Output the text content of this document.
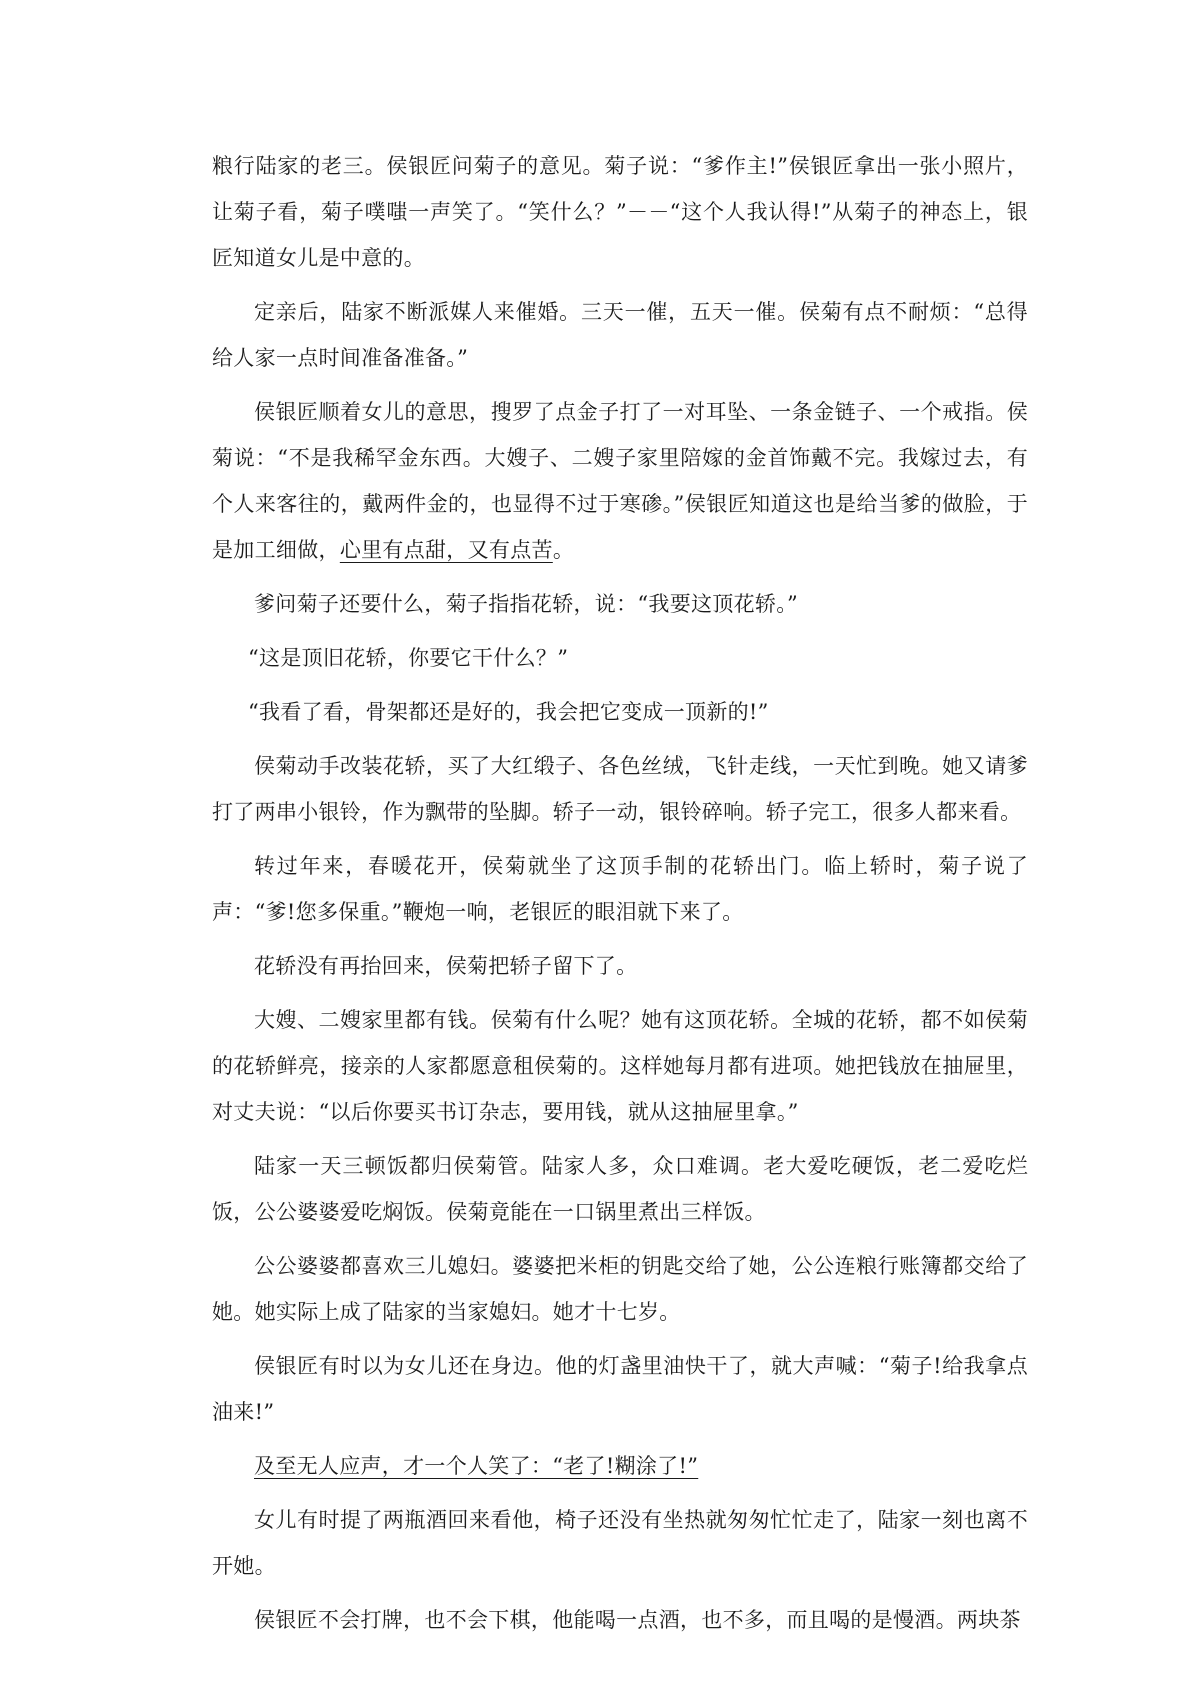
粮行陆家的老三。侯银匠问菊子的意见。菊子说：“爹作主!”侯银匠拿出一张小照片，让菊子看，菊子噗嗤一声笑了。“笑什么？”－－“这个人我认得!”从菊子的神态上，银匠知道女儿是中意的。

定亲后，陆家不断派媒人来催婚。三天一催，五天一催。侯菊有点不耐烦：“总得给人家一点时间准备准备。”

侯银匠顺着女儿的意思，搜罗了点金子打了一对耳坠、一条金链子、一个戒指。侯菊说：“不是我稀罕金东西。大嫂子、二嫂子家里陪嫁的金首饰戴不完。我嫁过去，有个人来客往的，戴两件金的，也显得不过于寒碜。”侯银匠知道这也是给当爹的做脸，于是加工细做，心里有点甜，又有点苦。

爹问菊子还要什么，菊子指指花轿，说：“我要这顶花轿。”

“这是顶旧花轿，你要它干什么？”

“我看了看，骨架都还是好的，我会把它变成一顶新的!”

侯菊动手改装花轿，买了大红缎子、各色丝绒，飞针走线，一天忙到晚。她又请爹打了两串小银铃，作为飘带的坠脚。轿子一动，银铃碎响。轿子完工，很多人都来看。

转过年来，春暖花开，侯菊就坐了这顶手制的花轿出门。临上轿时，菊子说了声：“爹!您多保重。”鞭炮一响，老银匠的眼泪就下来了。

花轿没有再抬回来，侯菊把轿子留下了。

大嫂、二嫂家里都有钱。侯菊有什么呢？她有这顶花轿。全城的花轿，都不如侯菊的花轿鲜亮，接亲的人家都愿意租侯菊的。这样她每月都有进项。她把钱放在抽屉里，对丈夫说：“以后你要买书订杂志，要用钱，就从这抽屉里拿。”

陆家一天三顿饭都归侯菊管。陆家人多，众口难调。老大爱吃硬饭，老二爱吃烂饭，公公婆婆爱吃焖饭。侯菊竟能在一口锅里煮出三样饭。

公公婆婆都喜欢三儿媳妇。婆婆把米柜的钥匙交给了她，公公连粮行账簿都交给了她。她实际上成了陆家的当家媳妇。她才十七岁。

侯银匠有时以为女儿还在身边。他的灯盏里油快干了，就大声喊：“菊子!给我拿点油来!”

及至无人应声，才一个人笑了：“老了!糊涂了!”

女儿有时提了两瓶酒回来看他，椅子还没有坐热就匆匆忙忙走了，陆家一刻也离不开她。

侯银匠不会打牌，也不会下棋，他能喝一点酒，也不多，而且喝的是慢酒。两块茶
